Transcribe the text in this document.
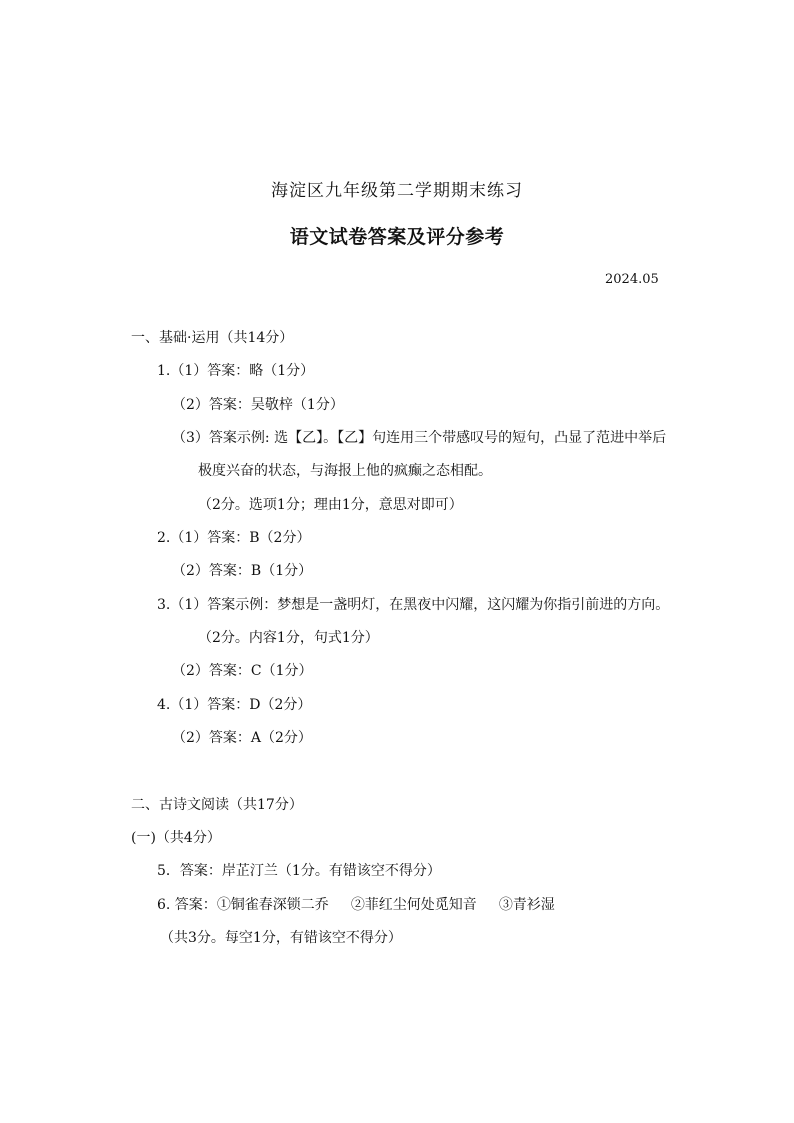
海淀区九年级第二学期期末练习
语文试卷答案及评分参考
2024.05
一、基础·运用（共14分）
1.（1）答案：略（1分）
（2）答案：吴敬梓（1分）
（3）答案示例: 选【乙】。【乙】句连用三个带感叹号的短句，凸显了范进中举后
极度兴奋的状态，与海报上他的疯癫之态相配。
（2分。选项1分；理由1分，意思对即可）
2.（1）答案：B（2分）
（2）答案：B（1分）
3.（1）答案示例：梦想是一盏明灯，在黑夜中闪耀，这闪耀为你指引前进的方向。
（2分。内容1分，句式1分）
（2）答案：C（1分）
4.（1）答案：D（2分）
（2）答案：A（2分）
二、古诗文阅读（共17分）
(一)（共4分）
5．答案：岸芷汀兰（1分。有错该空不得分）
6. 答案：①铜雀春深锁二乔 ②菲红尘何处觅知音 ③青衫湿
（共3分。每空1分，有错该空不得分）
